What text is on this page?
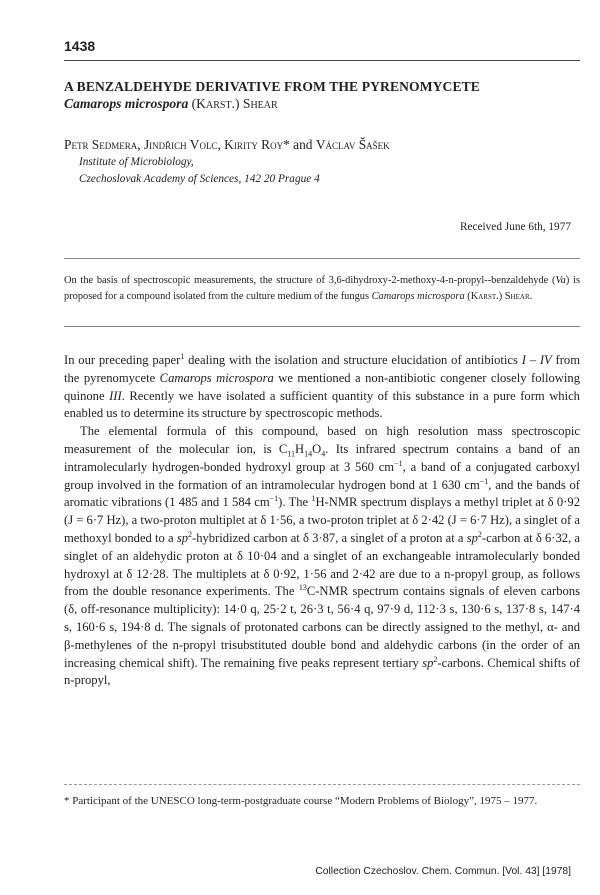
1438
A BENZALDEHYDE DERIVATIVE FROM THE PYRENOMYCETE
Camarops microspora (Karst.) Shear
Petr Sedmera, Jindřich Volc, Kirity Roy* and Václav Šašek
Institute of Microbiology,
Czechoslovak Academy of Sciences, 142 20 Prague 4
Received June 6th, 1977
On the basis of spectroscopic measurements, the structure of 3,6-dihydroxy-2-methoxy-4-n-propyl--benzaldehyde (Va) is proposed for a compound isolated from the culture medium of the fungus Camarops microspora (Karst.) Shear.

In our preceding paper$^1$ dealing with the isolation and structure elucidation of antibiotics I – IV from the pyrenomycete Camarops microspora we mentioned a non-antibiotic congener closely following quinone III. Recently we have isolated a sufficient quantity of this substance in a pure form which enabled us to determine its structure by spectroscopic methods.

The elemental formula of this compound, based on high resolution mass spectroscopic measurement of the molecular ion, is $C_{11}H_{14}O_4$. Its infrared spectrum contains a band of an intramolecularly hydrogen-bonded hydroxyl group at 3 560 $cm^{-1}$, a band of a conjugated carboxyl group involved in the formation of an intramolecular hydrogen bond at 1 630 $cm^{-1}$, and the bands of aromatic vibrations (1 485 and 1 584 $cm^{-1}$). The $^1$H-NMR spectrum displays a methyl triplet at δ 0·92 (J = 6·7 Hz), a two-proton multiplet at δ 1·56, a two-proton triplet at δ 2·42 (J = 6·7 Hz), a singlet of a methoxyl bonded to a $sp^2$-hybridized carbon at δ 3·87, a singlet of a proton at a $sp^2$-carbon at δ 6·32, a singlet of an aldehydic proton at δ 10·04 and a singlet of an exchangeable intramolecularly bonded hydroxyl at δ 12·28. The multiplets at δ 0·92, 1·56 and 2·42 are due to a n-propyl group, as follows from the double resonance experiments. The $^{13}$C-NMR spectrum contains signals of eleven carbons (δ, off-resonance multiplicity): 14·0 q, 25·2 t, 26·3 t, 56·4 q, 97·9 d, 112·3 s, 130·6 s, 137·8 s, 147·4 s, 160·6 s, 194·8 d. The signals of protonated carbons can be directly assigned to the methyl, α- and β-methylenes of the n-propyl trisubstituted double bond and aldehydic carbons (in the order of an increasing chemical shift). The remaining five peaks represent tertiary $sp^2$-carbons. Chemical shifts of n-propyl,

* Participant of the UNESCO long-term-postgraduate course “Modern Problems of Biology”, 1975 – 1977.
Collection Czechoslov. Chem. Commun. [Vol. 43] [1978]
